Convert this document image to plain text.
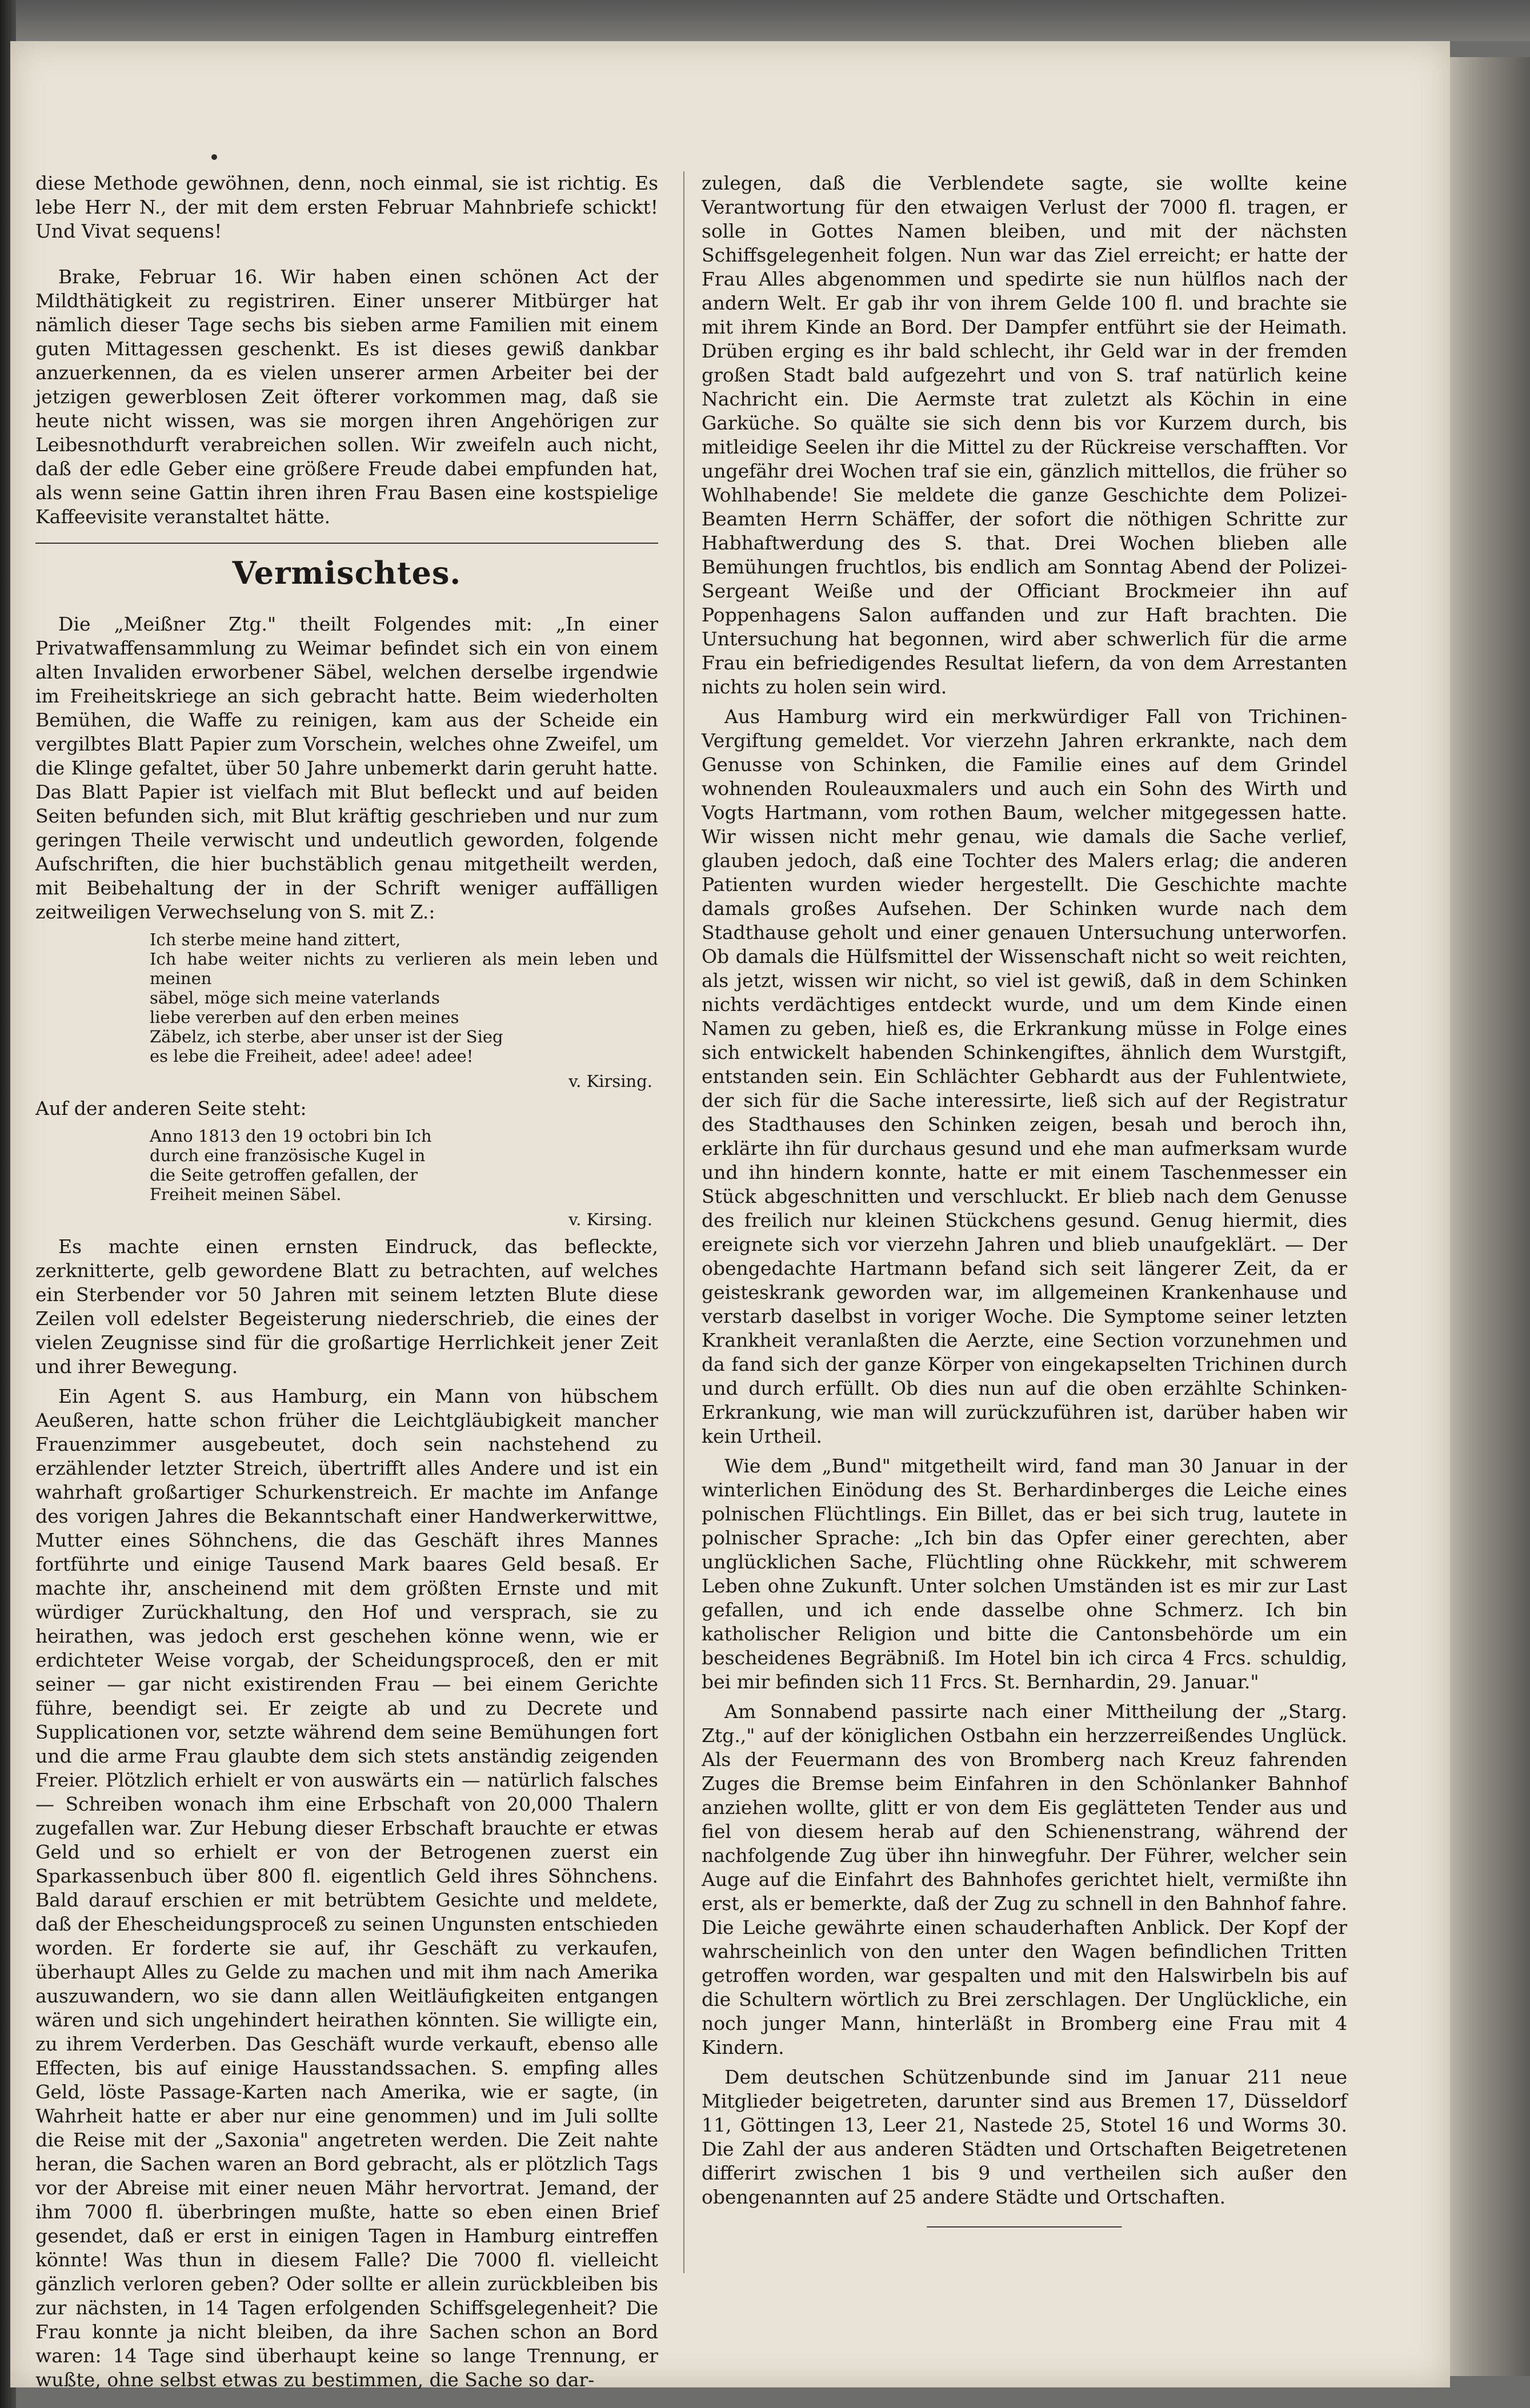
diese Methode gewöhnen, denn, noch einmal, sie ist richtig. Es lebe Herr N., der mit dem ersten Februar Mahnbriefe schickt! Und Vivat sequens!

Brake, Februar 16. Wir haben einen schönen Act der Mildthätigkeit zu registriren. Einer unserer Mitbürger hat nämlich dieser Tage sechs bis sieben arme Familien mit einem guten Mittagessen geschenkt. Es ist dieses gewiß dankbar anzuerkennen, da es vielen unserer armen Arbeiter bei der jetzigen gewerblosen Zeit öfterer vorkommen mag, daß sie heute nicht wissen, was sie morgen ihren Angehörigen zur Leibesnothdurft verabreichen sollen. Wir zweifeln auch nicht, daß der edle Geber eine größere Freude dabei empfunden hat, als wenn seine Gattin ihren ihren Frau Basen eine kostspielige Kaffeevisite veranstaltet hätte.

Vermischtes.

Die „Meißner Ztg." theilt Folgendes mit: „In einer Privatwaffensammlung zu Weimar befindet sich ein von einem alten Invaliden erworbener Säbel, welchen derselbe irgendwie im Freiheitskriege an sich gebracht hatte. Beim wiederholten Bemühen, die Waffe zu reinigen, kam aus der Scheide ein vergilbtes Blatt Papier zum Vorschein, welches ohne Zweifel, um die Klinge gefaltet, über 50 Jahre unbemerkt darin geruht hatte. Das Blatt Papier ist vielfach mit Blut befleckt und auf beiden Seiten befunden sich, mit Blut kräftig geschrieben und nur zum geringen Theile verwischt und undeutlich geworden, folgende Aufschriften, die hier buchstäblich genau mitgetheilt werden, mit Beibehaltung der in der Schrift weniger auffälligen zeitweiligen Verwechselung von S. mit Z.:

Ich sterbe meine hand zittert,
Ich habe weiter nichts zu verlieren als mein leben und meinen
säbel, möge sich meine vaterlands
liebe vererben auf den erben meines
Zäbelz, ich sterbe, aber unser ist der Sieg
es lebe die Freiheit, adee! adee! adee!
v. Kirsing.

Auf der anderen Seite steht:

Anno 1813 den 19 octobri bin Ich
durch eine französische Kugel in
die Seite getroffen gefallen, der
Freiheit meinen Säbel.
v. Kirsing.

Es machte einen ernsten Eindruck, das befleckte, zerknitterte, gelb gewordene Blatt zu betrachten, auf welches ein Sterbender vor 50 Jahren mit seinem letzten Blute diese Zeilen voll edelster Begeisterung niederschrieb, die eines der vielen Zeugnisse sind für die großartige Herrlichkeit jener Zeit und ihrer Bewegung.

Ein Agent S. aus Hamburg, ein Mann von hübschem Aeußeren, hatte schon früher die Leichtgläubigkeit mancher Frauenzimmer ausgebeutet, doch sein nachstehend zu erzählender letzter Streich, übertrifft alles Andere und ist ein wahrhaft großartiger Schurkenstreich. Er machte im Anfange des vorigen Jahres die Bekanntschaft einer Handwerkerwittwe, Mutter eines Söhnchens, die das Geschäft ihres Mannes fortführte und einige Tausend Mark baares Geld besaß. Er machte ihr, anscheinend mit dem größten Ernste und mit würdiger Zurückhaltung, den Hof und versprach, sie zu heirathen, was jedoch erst geschehen könne wenn, wie er erdichteter Weise vorgab, der Scheidungsproceß, den er mit seiner — gar nicht existirenden Frau — bei einem Gerichte führe, beendigt sei. Er zeigte ab und zu Decrete und Supplicationen vor, setzte während dem seine Bemühungen fort und die arme Frau glaubte dem sich stets anständig zeigenden Freier. Plötzlich erhielt er von auswärts ein — natürlich falsches — Schreiben wonach ihm eine Erbschaft von 20,000 Thalern zugefallen war. Zur Hebung dieser Erbschaft brauchte er etwas Geld und so erhielt er von der Betrogenen zuerst ein Sparkassenbuch über 800 fl. eigentlich Geld ihres Söhnchens. Bald darauf erschien er mit betrübtem Gesichte und meldete, daß der Ehescheidungsproceß zu seinen Ungunsten entschieden worden. Er forderte sie auf, ihr Geschäft zu verkaufen, überhaupt Alles zu Gelde zu machen und mit ihm nach Amerika auszuwandern, wo sie dann allen Weitläufigkeiten entgangen wären und sich ungehindert heirathen könnten. Sie willigte ein, zu ihrem Verderben. Das Geschäft wurde verkauft, ebenso alle Effecten, bis auf einige Hausstandssachen. S. empfing alles Geld, löste Passage-Karten nach Amerika, wie er sagte, (in Wahrheit hatte er aber nur eine genommen) und im Juli sollte die Reise mit der „Saxonia" angetreten werden. Die Zeit nahte heran, die Sachen waren an Bord gebracht, als er plötzlich Tags vor der Abreise mit einer neuen Mähr hervortrat. Jemand, der ihm 7000 fl. überbringen mußte, hatte so eben einen Brief gesendet, daß er erst in einigen Tagen in Hamburg eintreffen könnte! Was thun in diesem Falle? Die 7000 fl. vielleicht gänzlich verloren geben? Oder sollte er allein zurückbleiben bis zur nächsten, in 14 Tagen erfolgenden Schiffsgelegenheit? Die Frau konnte ja nicht bleiben, da ihre Sachen schon an Bord waren: 14 Tage sind überhaupt keine so lange Trennung, er wußte, ohne selbst etwas zu bestimmen, die Sache so dar-

zulegen, daß die Verblendete sagte, sie wollte keine Verantwortung für den etwaigen Verlust der 7000 fl. tragen, er solle in Gottes Namen bleiben, und mit der nächsten Schiffsgelegenheit folgen. Nun war das Ziel erreicht; er hatte der Frau Alles abgenommen und spedirte sie nun hülflos nach der andern Welt. Er gab ihr von ihrem Gelde 100 fl. und brachte sie mit ihrem Kinde an Bord. Der Dampfer entführt sie der Heimath. Drüben erging es ihr bald schlecht, ihr Geld war in der fremden großen Stadt bald aufgezehrt und von S. traf natürlich keine Nachricht ein. Die Aermste trat zuletzt als Köchin in eine Garküche. So quälte sie sich denn bis vor Kurzem durch, bis mitleidige Seelen ihr die Mittel zu der Rückreise verschafften. Vor ungefähr drei Wochen traf sie ein, gänzlich mittellos, die früher so Wohlhabende! Sie meldete die ganze Geschichte dem Polizei-Beamten Herrn Schäffer, der sofort die nöthigen Schritte zur Habhaftwerdung des S. that. Drei Wochen blieben alle Bemühungen fruchtlos, bis endlich am Sonntag Abend der Polizei-Sergeant Weiße und der Officiant Brockmeier ihn auf Poppenhagens Salon auffanden und zur Haft brachten. Die Untersuchung hat begonnen, wird aber schwerlich für die arme Frau ein befriedigendes Resultat liefern, da von dem Arrestanten nichts zu holen sein wird.

Aus Hamburg wird ein merkwürdiger Fall von Trichinen-Vergiftung gemeldet. Vor vierzehn Jahren erkrankte, nach dem Genusse von Schinken, die Familie eines auf dem Grindel wohnenden Rouleauxmalers und auch ein Sohn des Wirth und Vogts Hartmann, vom rothen Baum, welcher mitgegessen hatte. Wir wissen nicht mehr genau, wie damals die Sache verlief, glauben jedoch, daß eine Tochter des Malers erlag; die anderen Patienten wurden wieder hergestellt. Die Geschichte machte damals großes Aufsehen. Der Schinken wurde nach dem Stadthause geholt und einer genauen Untersuchung unterworfen. Ob damals die Hülfsmittel der Wissenschaft nicht so weit reichten, als jetzt, wissen wir nicht, so viel ist gewiß, daß in dem Schinken nichts verdächtiges entdeckt wurde, und um dem Kinde einen Namen zu geben, hieß es, die Erkrankung müsse in Folge eines sich entwickelt habenden Schinkengiftes, ähnlich dem Wurstgift, entstanden sein. Ein Schlächter Gebhardt aus der Fuhlentwiete, der sich für die Sache interessirte, ließ sich auf der Registratur des Stadthauses den Schinken zeigen, besah und beroch ihn, erklärte ihn für durchaus gesund und ehe man aufmerksam wurde und ihn hindern konnte, hatte er mit einem Taschenmesser ein Stück abgeschnitten und verschluckt. Er blieb nach dem Genusse des freilich nur kleinen Stückchens gesund. Genug hiermit, dies ereignete sich vor vierzehn Jahren und blieb unaufgeklärt. — Der obengedachte Hartmann befand sich seit längerer Zeit, da er geisteskrank geworden war, im allgemeinen Krankenhause und verstarb daselbst in voriger Woche. Die Symptome seiner letzten Krankheit veranlaßten die Aerzte, eine Section vorzunehmen und da fand sich der ganze Körper von eingekapselten Trichinen durch und durch erfüllt. Ob dies nun auf die oben erzählte Schinken-Erkrankung, wie man will zurückzuführen ist, darüber haben wir kein Urtheil.

Wie dem „Bund" mitgetheilt wird, fand man 30 Januar in der winterlichen Einödung des St. Berhardinberges die Leiche eines polnischen Flüchtlings. Ein Billet, das er bei sich trug, lautete in polnischer Sprache: „Ich bin das Opfer einer gerechten, aber unglücklichen Sache, Flüchtling ohne Rückkehr, mit schwerem Leben ohne Zukunft. Unter solchen Umständen ist es mir zur Last gefallen, und ich ende dasselbe ohne Schmerz. Ich bin katholischer Religion und bitte die Cantonsbehörde um ein bescheidenes Begräbniß. Im Hotel bin ich circa 4 Frcs. schuldig, bei mir befinden sich 11 Frcs. St. Bernhardin, 29. Januar."

Am Sonnabend passirte nach einer Mittheilung der „Starg. Ztg.," auf der königlichen Ostbahn ein herzzerreißendes Unglück. Als der Feuermann des von Bromberg nach Kreuz fahrenden Zuges die Bremse beim Einfahren in den Schönlanker Bahnhof anziehen wollte, glitt er von dem Eis geglätteten Tender aus und fiel von diesem herab auf den Schienenstrang, während der nachfolgende Zug über ihn hinwegfuhr. Der Führer, welcher sein Auge auf die Einfahrt des Bahnhofes gerichtet hielt, vermißte ihn erst, als er bemerkte, daß der Zug zu schnell in den Bahnhof fahre. Die Leiche gewährte einen schauderhaften Anblick. Der Kopf der wahrscheinlich von den unter den Wagen befindlichen Tritten getroffen worden, war gespalten und mit den Halswirbeln bis auf die Schultern wörtlich zu Brei zerschlagen. Der Unglückliche, ein noch junger Mann, hinterläßt in Bromberg eine Frau mit 4 Kindern.

Dem deutschen Schützenbunde sind im Januar 211 neue Mitglieder beigetreten, darunter sind aus Bremen 17, Düsseldorf 11, Göttingen 13, Leer 21, Nastede 25, Stotel 16 und Worms 30. Die Zahl der aus anderen Städten und Ortschaften Beigetretenen differirt zwischen 1 bis 9 und vertheilen sich außer den obengenannten auf 25 andere Städte und Ortschaften.
